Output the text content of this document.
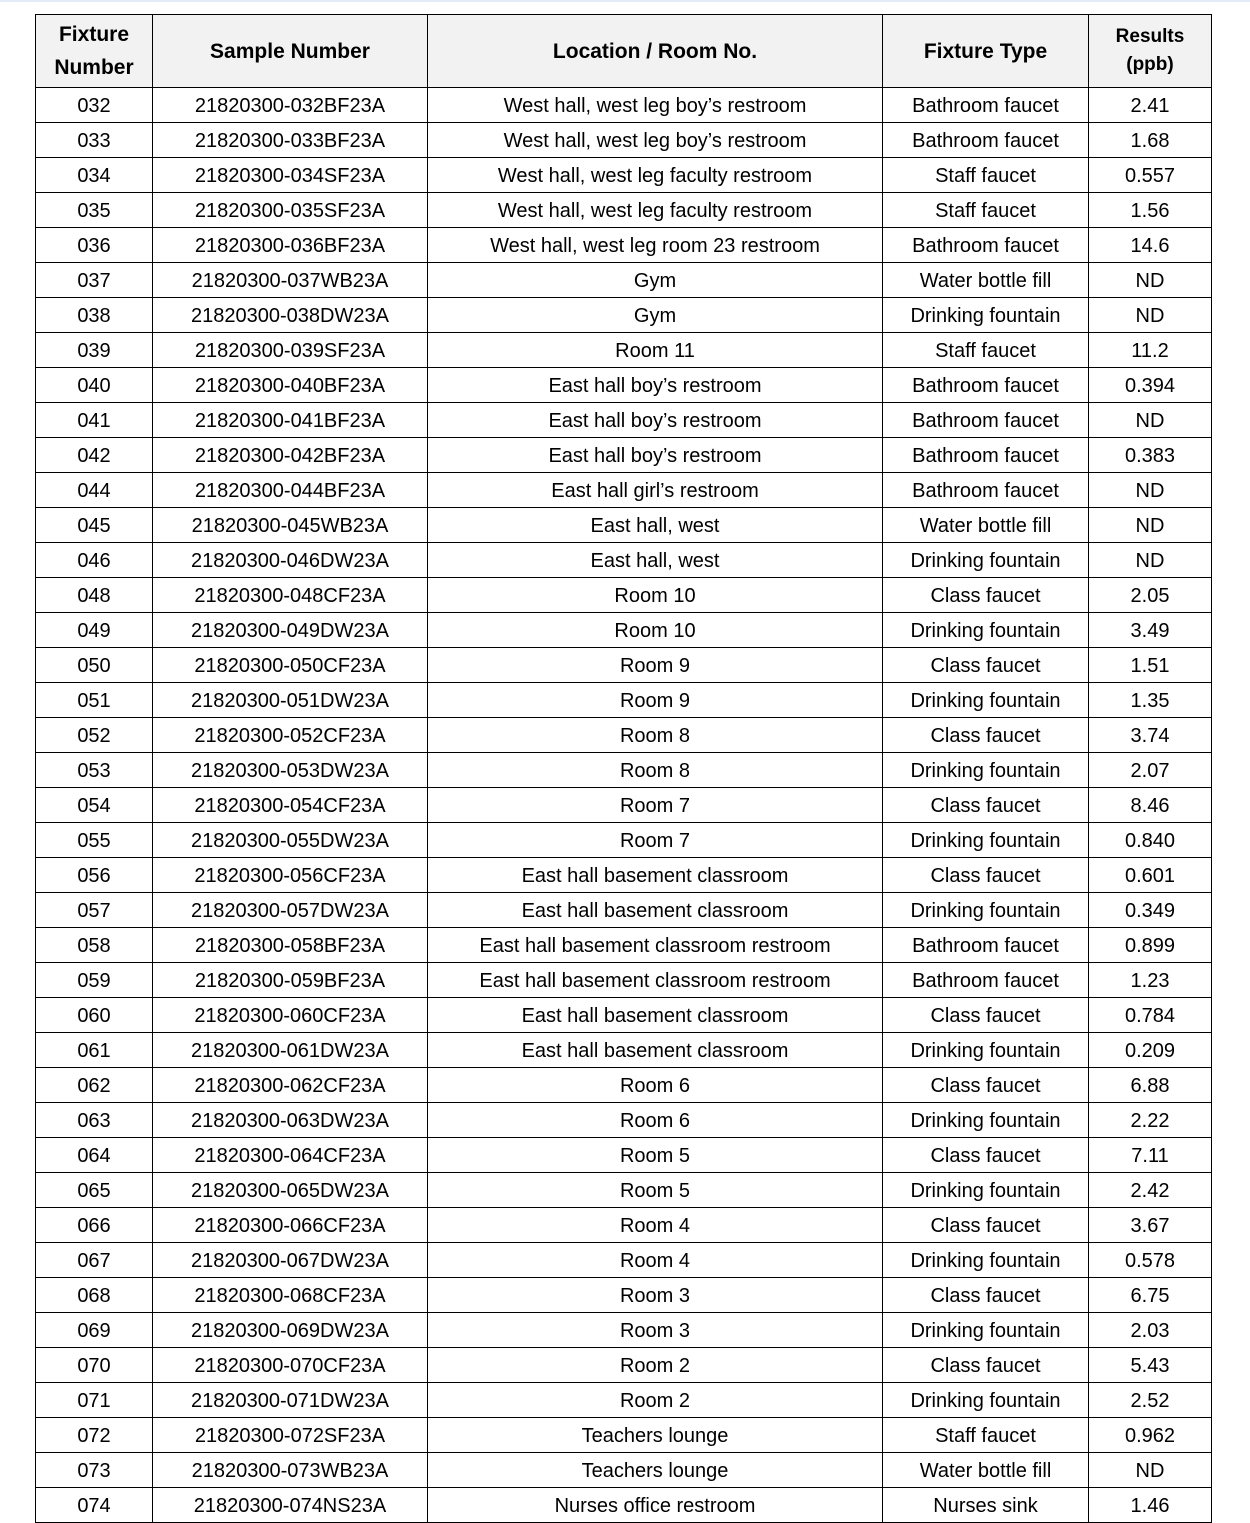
Fixture Number	Sample Number	Location / Room No.	Fixture Type	Results (ppb)
032	21820300-032BF23A	West hall, west leg boy’s restroom	Bathroom faucet	2.41
033	21820300-033BF23A	West hall, west leg boy’s restroom	Bathroom faucet	1.68
034	21820300-034SF23A	West hall, west leg faculty restroom	Staff faucet	0.557
035	21820300-035SF23A	West hall, west leg faculty restroom	Staff faucet	1.56
036	21820300-036BF23A	West hall, west leg room 23 restroom	Bathroom faucet	14.6
037	21820300-037WB23A	Gym	Water bottle fill	ND
038	21820300-038DW23A	Gym	Drinking fountain	ND
039	21820300-039SF23A	Room 11	Staff faucet	11.2
040	21820300-040BF23A	East hall boy’s restroom	Bathroom faucet	0.394
041	21820300-041BF23A	East hall boy’s restroom	Bathroom faucet	ND
042	21820300-042BF23A	East hall boy’s restroom	Bathroom faucet	0.383
044	21820300-044BF23A	East hall girl’s restroom	Bathroom faucet	ND
045	21820300-045WB23A	East hall, west	Water bottle fill	ND
046	21820300-046DW23A	East hall, west	Drinking fountain	ND
048	21820300-048CF23A	Room 10	Class faucet	2.05
049	21820300-049DW23A	Room 10	Drinking fountain	3.49
050	21820300-050CF23A	Room 9	Class faucet	1.51
051	21820300-051DW23A	Room 9	Drinking fountain	1.35
052	21820300-052CF23A	Room 8	Class faucet	3.74
053	21820300-053DW23A	Room 8	Drinking fountain	2.07
054	21820300-054CF23A	Room 7	Class faucet	8.46
055	21820300-055DW23A	Room 7	Drinking fountain	0.840
056	21820300-056CF23A	East hall basement classroom	Class faucet	0.601
057	21820300-057DW23A	East hall basement classroom	Drinking fountain	0.349
058	21820300-058BF23A	East hall basement classroom restroom	Bathroom faucet	0.899
059	21820300-059BF23A	East hall basement classroom restroom	Bathroom faucet	1.23
060	21820300-060CF23A	East hall basement classroom	Class faucet	0.784
061	21820300-061DW23A	East hall basement classroom	Drinking fountain	0.209
062	21820300-062CF23A	Room 6	Class faucet	6.88
063	21820300-063DW23A	Room 6	Drinking fountain	2.22
064	21820300-064CF23A	Room 5	Class faucet	7.11
065	21820300-065DW23A	Room 5	Drinking fountain	2.42
066	21820300-066CF23A	Room 4	Class faucet	3.67
067	21820300-067DW23A	Room 4	Drinking fountain	0.578
068	21820300-068CF23A	Room 3	Class faucet	6.75
069	21820300-069DW23A	Room 3	Drinking fountain	2.03
070	21820300-070CF23A	Room 2	Class faucet	5.43
071	21820300-071DW23A	Room 2	Drinking fountain	2.52
072	21820300-072SF23A	Teachers lounge	Staff faucet	0.962
073	21820300-073WB23A	Teachers lounge	Water bottle fill	ND
074	21820300-074NS23A	Nurses office restroom	Nurses sink	1.46
